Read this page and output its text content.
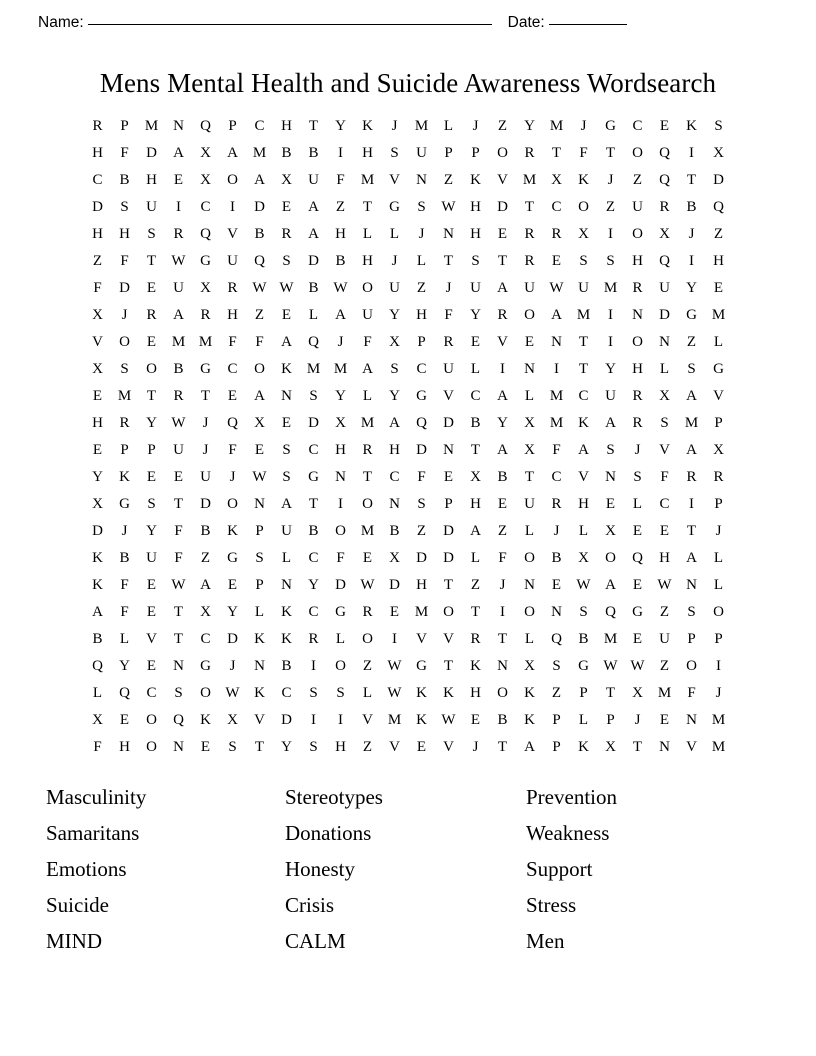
Name:	Date:
Mens Mental Health and Suicide Awareness Wordsearch
R	P	M N	Q	P	C	H	T	Y	K	J	M	L	J	Z	Y M	J	G	C	E	K	S
H	F	D	A	X	A M	B	B	I	H	S	U	P	P	O	R	T	F	T	O	Q	I	X
C	B	H	E	X	O	A	X	U	F	M V	N	Z	K	V M X	K	J	Z	Q	T	D
D	S	U	I	C	I	D	E	A	Z	T	G	S	W H	D	T	C	O	Z	U	R	B	Q
H	H	S	R	Q	V	B	R	A	H	L	L	J	N	H	E	R	R	X	I	O	X	J	Z
Z	F	T	W G	U	Q	S	D	B	H	J	L	T	S	T	R	E	S	S	H	Q	I	H
F	D	E	U	X	R W W B W O	U	Z	J	U	A	U W U M	R	U	Y	E
X	J	R	A	R	H	Z	E	L	A	U	Y	H	F	Y	R	O	A M	I	N	D	G M
V	O	E	M M	F	F	A	Q	J	F	X	P	R	E	V	E	N	T	I	O	N	Z	L
X	S	O	B	G	C	O	K M M A	S	C	U	L	I	N	I	T	Y	H	L	S	G
E	M	T	R	T	E	A	N	S	Y	L	Y	G	V	C	A	L	M	C	U	R	X	A	V
H	R	Y W	J	Q	X	E	D	X M A	Q	D	B	Y	X M K	A	R	S	M	P
E	P	P	U	J	F	E	S	C	H	R	H	D	N	T	A	X	F	A	S	J	V	A	X
Y	K	E	E	U	J	W	S	G	N	T	C	F	E	X	B	T	C	V	N	S	F	R	R
X	G	S	T	D	O	N	A	T	I	O	N	S	P	H	E	U	R	H	E	L	C	I	P
D	J	Y	F	B	K	P	U	B	O M	B	Z	D	A	Z	L	J	L	X	E	E	T	J
K	B	U	F	Z	G	S	L	C	F	E	X	D	D	L	F	O	B	X	O	Q	H	A	L
K	F	E	W A	E	P	N	Y	D W D	H	T	Z	J	N	E	W A	E	W N	L
A	F	E	T	X	Y	L	K	C	G	R	E	M O	T	I	O	N	S	Q	G	Z	S	O
B	L	V	T	C	D	K	K	R	L	O	I	V	V	R	T	L	Q	B	M	E	U	P	P
Q	Y	E	N	G	J	N	B	I	O	Z	W G	T	K	N	X	S	G W W	Z	O	I
L	Q	C	S	O W K	C	S	S	L	W K	K	H	O	K	Z	P	T	X M	F	J
X	E	O	Q	K	X	V	D	I	I	V M K W	E	B	K	P	L	P	J	E	N M
F	H	O	N	E	S	T	Y	S	H	Z	V	E	V	J	T	A	P	K	X	T	N	V M
Masculinity
Samaritans
Emotions
Suicide
MIND
Stereotypes
Donations
Honesty
Crisis
CALM
Prevention
Weakness
Support
Stress
Men
